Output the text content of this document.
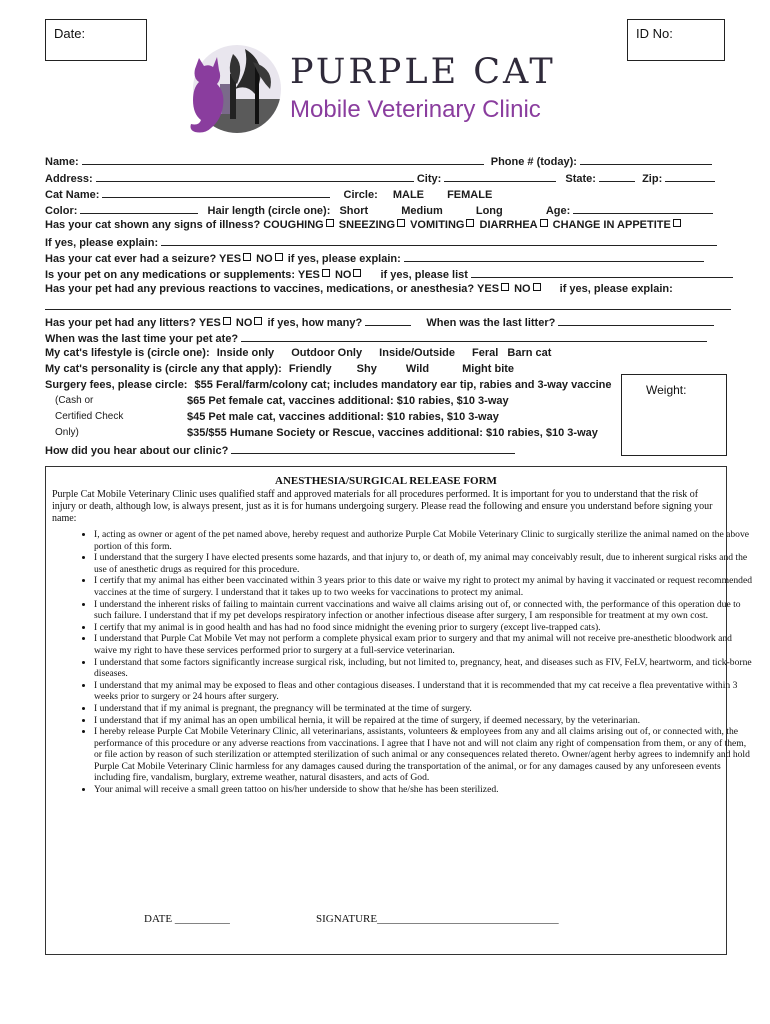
Date:	ID No:
PURPLE CAT
Mobile Veterinary Clinic
Name:	Phone # (today):
Address:	City:	State:	Zip:
Cat Name:	Circle: MALE FEMALE
Color:	Hair length (circle one): Short	Medium	Long	Age:
Has your cat shown any signs of illness? COUGHING SNEEZING VOMITING DIARRHEA CHANGE IN APPETITE
If yes, please explain:
Has your cat ever had a seizure? YES NO if yes, please explain:
Is your pet on any medications or supplements: YES NO	if yes, please list
Has your pet had any previous reactions to vaccines, medications, or anesthesia? YES NO	if yes, please explain:
Has your pet had any litters? YES NO if yes, how many?	When was the last litter?
When was the last time your pet ate?
My cat's lifestyle is (circle one): Inside only Outdoor Only Inside/Outside Feral Barn cat
My cat's personality is (circle any that apply): Friendly Shy	Wild	Might bite
Surgery fees, please circle: $55 Feral/farm/colony cat; includes mandatory ear tip, rabies and 3-way vaccine
(Cash or	$65 Pet female cat, vaccines additional: $10 rabies, $10 3-way
Certified Check	$45 Pet male cat, vaccines additional: $10 rabies, $10 3-way
Only)	$35/$55 Humane Society or Rescue, vaccines additional: $10 rabies, $10 3-way
How did you hear about our clinic?
Weight:
ANESTHESIA/SURGICAL RELEASE FORM
Purple Cat Mobile Veterinary Clinic uses qualified staff and approved materials for all procedures performed. It is important for you to understand that the risk of injury or death, although low, is always present, just as it is for humans undergoing surgery. Please read the following and ensure you understand before signing your name:
• I, acting as owner or agent of the pet named above, hereby request and authorize Purple Cat Mobile Veterinary Clinic to surgically sterilize the animal named on the above portion of this form.
• I understand that the surgery I have elected presents some hazards, and that injury to, or death of, my animal may conceivably result, due to inherent surgical risks and the use of anesthetic drugs as required for this procedure.
• I certify that my animal has either been vaccinated within 3 years prior to this date or waive my right to protect my animal by having it vaccinated or request recommended vaccines at the time of surgery. I understand that it takes up to two weeks for vaccinations to protect my animal.
• I understand the inherent risks of failing to maintain current vaccinations and waive all claims arising out of, or connected with, the performance of this operation due to such failure. I understand that if my pet develops respiratory infection or another infectious disease after surgery, I am responsible for treatment at my own cost.
• I certify that my animal is in good health and has had no food since midnight the evening prior to surgery (except live-trapped cats).
• I understand that Purple Cat Mobile Vet may not perform a complete physical exam prior to surgery and that my animal will not receive pre-anesthetic bloodwork and waive my right to have these services performed prior to surgery at a full-service veterinarian.
• I understand that some factors significantly increase surgical risk, including, but not limited to, pregnancy, heat, and diseases such as FIV, FeLV, heartworm, and tick-borne diseases.
• I understand that my animal may be exposed to fleas and other contagious diseases. I understand that it is recommended that my cat receive a flea preventative within 3 weeks prior to surgery or 24 hours after surgery.
• I understand that if my animal is pregnant, the pregnancy will be terminated at the time of surgery.
• I understand that if my animal has an open umbilical hernia, it will be repaired at the time of surgery, if deemed necessary, by the veterinarian.
• I hereby release Purple Cat Mobile Veterinary Clinic, all veterinarians, assistants, volunteers & employees from any and all claims arising out of, or connected with, the performance of this procedure or any adverse reactions from vaccinations. I agree that I have not and will not claim any right of compensation from them, or any of them, or file action by reason of such sterilization or attempted sterilization of such animal or any consequences related thereto. Owner/agent herby agrees to indemnify and hold Purple Cat Mobile Veterinary Clinic harmless for any damages caused during the transportation of the animal, or for any damages caused by any unforeseen events including fire, vandalism, burglary, extreme weather, natural disasters, and acts of God.
• Your animal will receive a small green tattoo on his/her underside to show that he/she has been sterilized.
DATE __________	SIGNATURE_________________________________
